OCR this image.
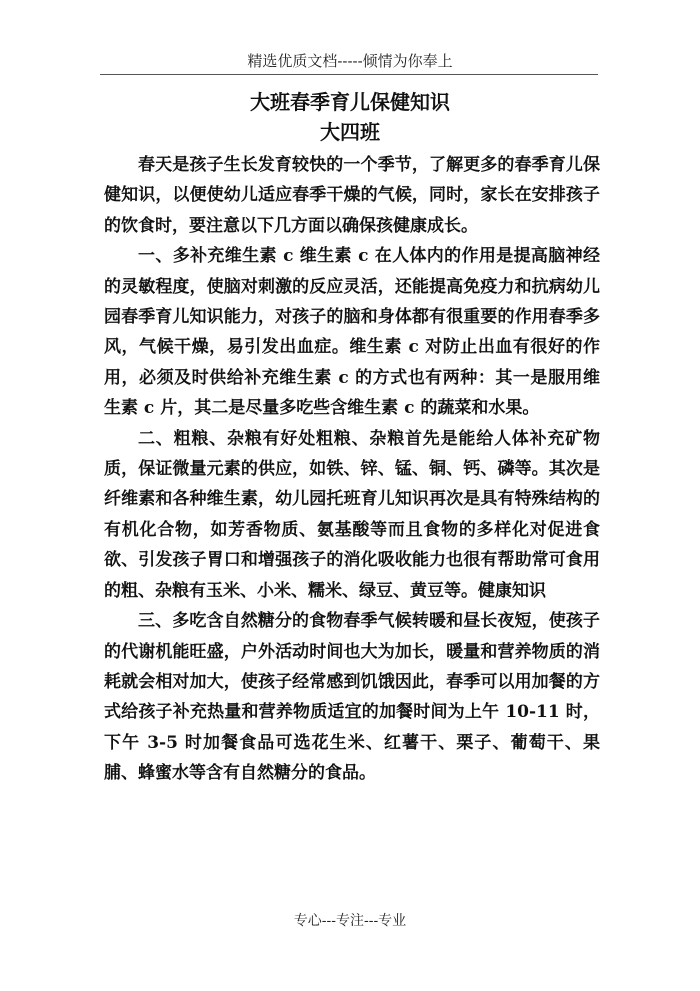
精选优质文档-----倾情为你奉上
大班春季育儿保健知识
大四班

春天是孩子生长发育较快的一个季节，了解更多的春季育儿保健知识，以便使幼儿适应春季干燥的气候，同时，家长在安排孩子的饮食时，要注意以下几方面以确保孩健康成长。

一、多补充维生素 c 维生素 c 在人体内的作用是提高脑神经的灵敏程度，使脑对刺激的反应灵活，还能提高免疫力和抗病幼儿园春季育儿知识能力，对孩子的脑和身体都有很重要的作用春季多风，气候干燥，易引发出血症。维生素 c 对防止出血有很好的作用，必须及时供给补充维生素 c 的方式也有两种：其一是服用维生素 c 片，其二是尽量多吃些含维生素 c 的蔬菜和水果。

二、粗粮、杂粮有好处粗粮、杂粮首先是能给人体补充矿物质，保证微量元素的供应，如铁、锌、锰、铜、钙、磷等。其次是纤维素和各种维生素，幼儿园托班育儿知识再次是具有特殊结构的有机化合物，如芳香物质、氨基酸等而且食物的多样化对促进食欲、引发孩子胃口和增强孩子的消化吸收能力也很有帮助常可食用的粗、杂粮有玉米、小米、糯米、绿豆、黄豆等。健康知识

三、多吃含自然糖分的食物春季气候转暖和昼长夜短，使孩子的代谢机能旺盛，户外活动时间也大为加长，暖量和营养物质的消耗就会相对加大，使孩子经常感到饥饿因此，春季可以用加餐的方式给孩子补充热量和营养物质适宜的加餐时间为上午 10-11 时，下午 3-5 时加餐食品可选花生米、红薯干、栗子、葡萄干、果脯、蜂蜜水等含有自然糖分的食品。

专心---专注---专业
